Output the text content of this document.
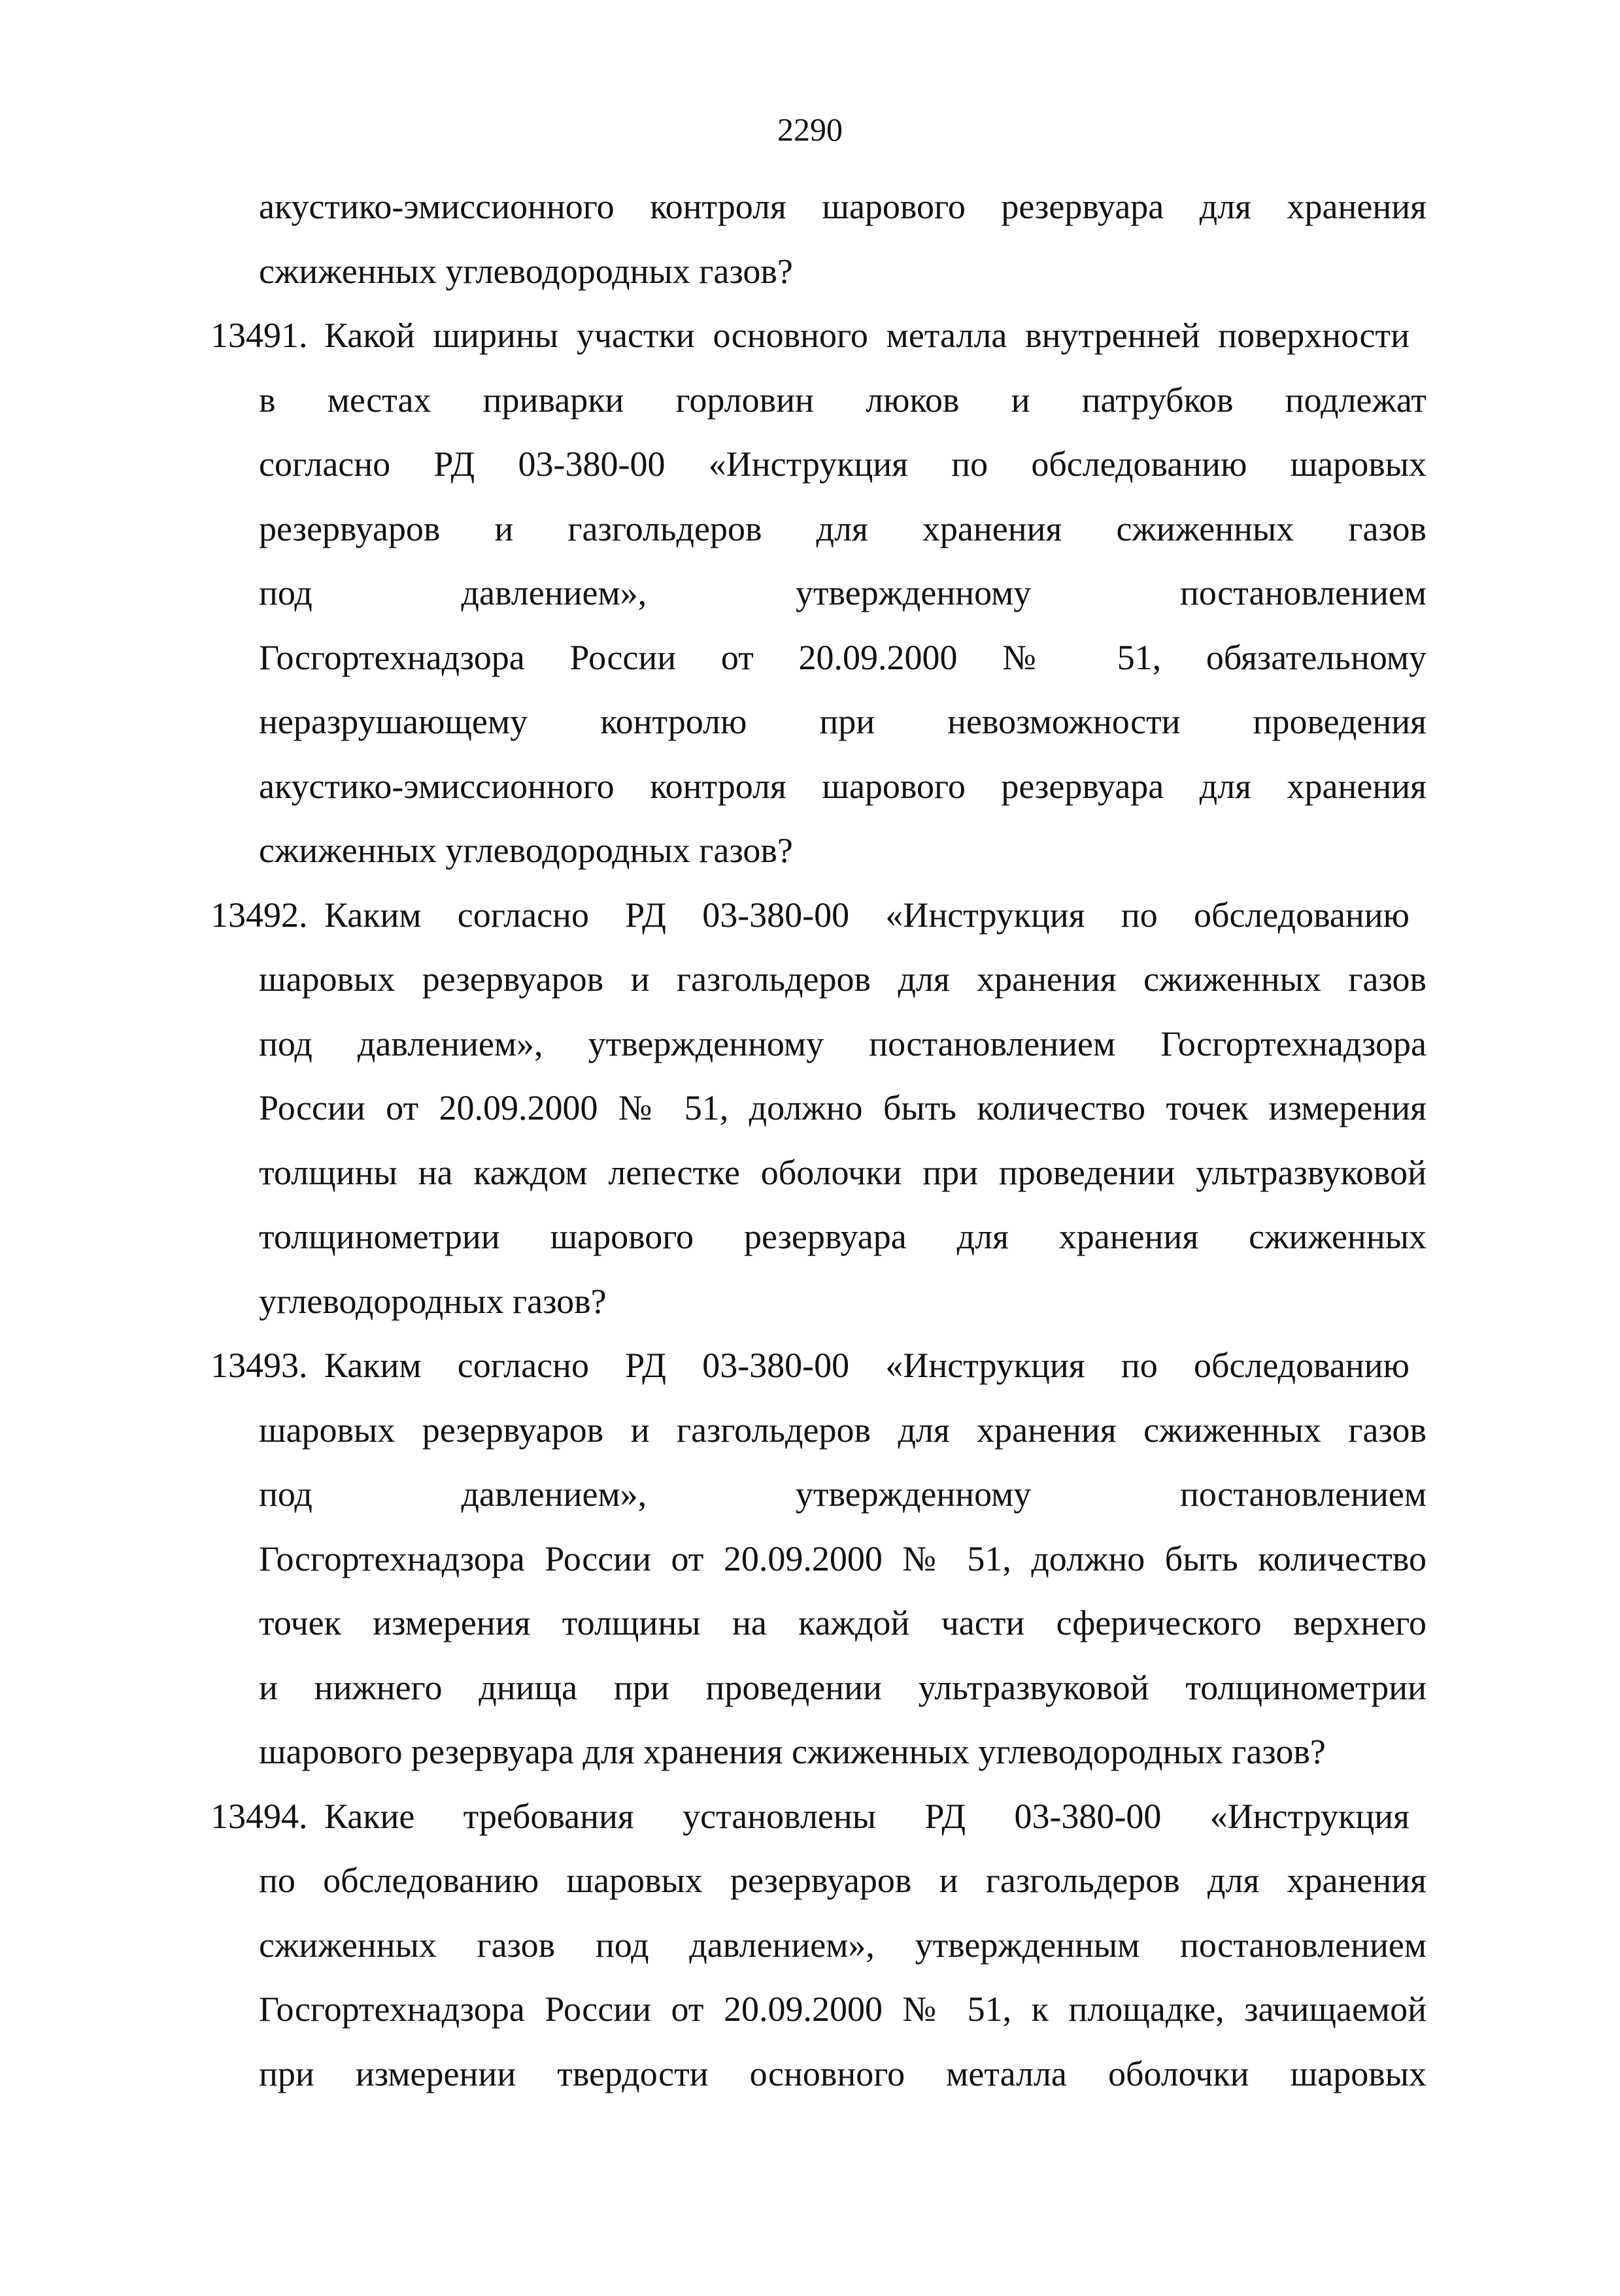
2290
акустико-эмиссионного контроля шарового резервуара для хранения
сжиженных углеводородных газов?
13491. Какой ширины участки основного металла внутренней поверхности
в местах приварки горловин люков и патрубков подлежат
согласно РД 03-380-00 «Инструкция по обследованию шаровых
резервуаров и газгольдеров для хранения сжиженных газов
под давлением», утвержденному постановлением
Госгортехнадзора России от 20.09.2000 № 51, обязательному
неразрушающему контролю при невозможности проведения
акустико-эмиссионного контроля шарового резервуара для хранения
сжиженных углеводородных газов?
13492. Каким согласно РД 03-380-00 «Инструкция по обследованию
шаровых резервуаров и газгольдеров для хранения сжиженных газов
под давлением», утвержденному постановлением Госгортехнадзора
России от 20.09.2000 № 51, должно быть количество точек измерения
толщины на каждом лепестке оболочки при проведении ультразвуковой
толщинометрии шарового резервуара для хранения сжиженных
углеводородных газов?
13493. Каким согласно РД 03-380-00 «Инструкция по обследованию
шаровых резервуаров и газгольдеров для хранения сжиженных газов
под давлением», утвержденному постановлением
Госгортехнадзора России от 20.09.2000 № 51, должно быть количество
точек измерения толщины на каждой части сферического верхнего
и нижнего днища при проведении ультразвуковой толщинометрии
шарового резервуара для хранения сжиженных углеводородных газов?
13494. Какие требования установлены РД 03-380-00 «Инструкция
по обследованию шаровых резервуаров и газгольдеров для хранения
сжиженных газов под давлением», утвержденным постановлением
Госгортехнадзора России от 20.09.2000 № 51, к площадке, зачищаемой
при измерении твердости основного металла оболочки шаровых
